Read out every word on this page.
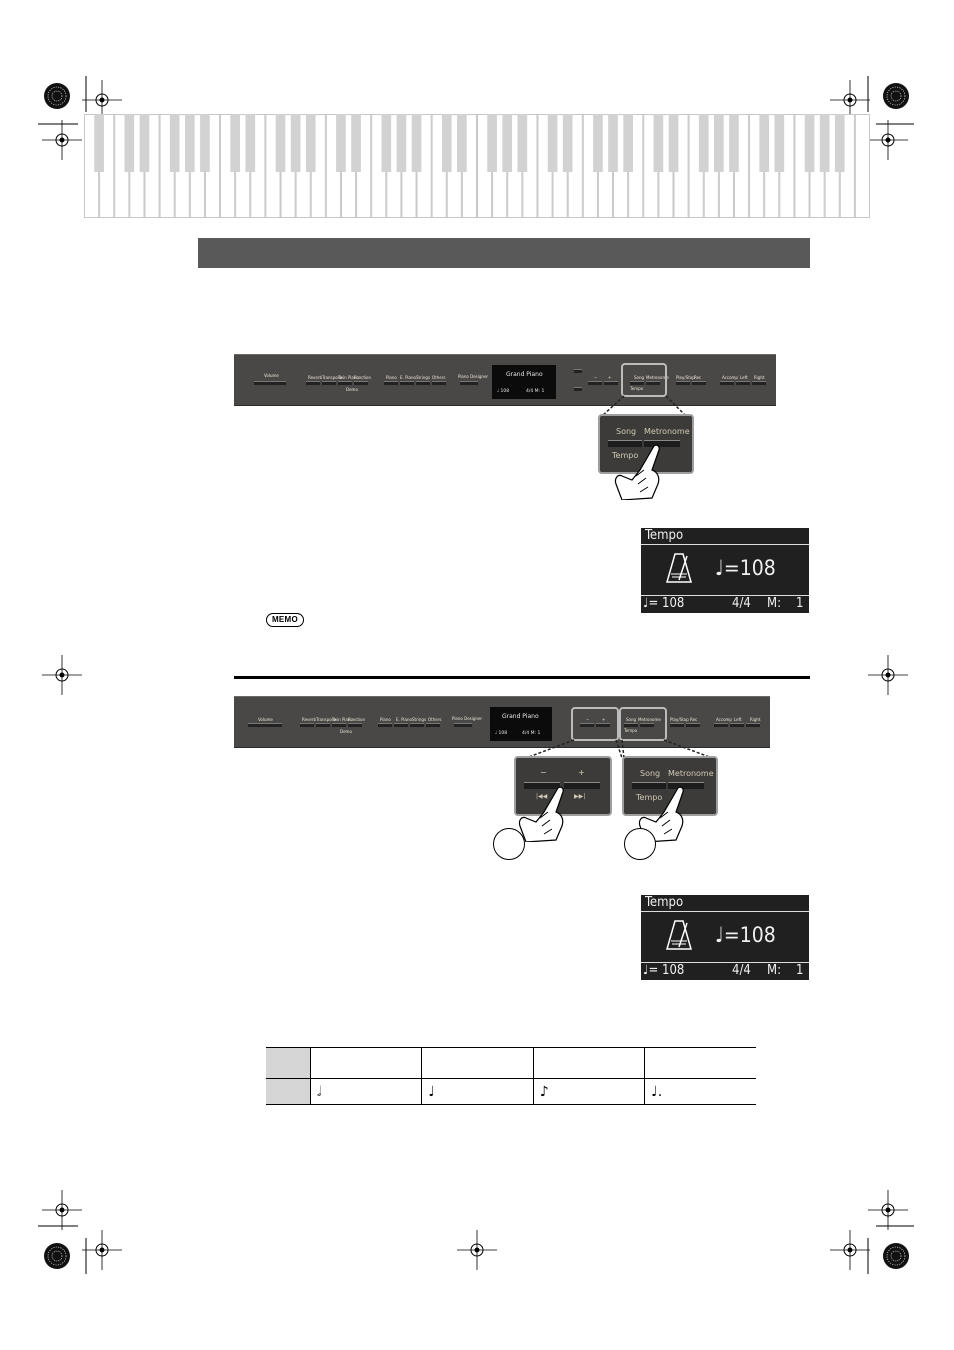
Volume	Reverb Transpose
Twin Piano
Function
Demo
Piano E. Piano Strings Others	Piano Designer	Grand Piano
♩ 108	4/4 M: 1
−	+	Song Metronome
Tempo
Play/Stop Rec	Accomp Left Right
Song Metronome
Tempo
Tempo
♩=108
♩= 108	4/4 M: 1
MEMO
Volume	Reverb Transpose
Twin Piano
Function
Demo
Piano E. Piano Strings Others	Piano Designer	Grand Piano
♩ 108	4/4 M: 1
−	+	Song Metronome
Tempo
Play/Stop Rec	Accomp Left Right
−	+
|◀◀	▶▶|
Song Metronome
Tempo
Tempo
♩=108
♩= 108	4/4 M: 1

	𝅗𝅥	♩	♪	♩.
